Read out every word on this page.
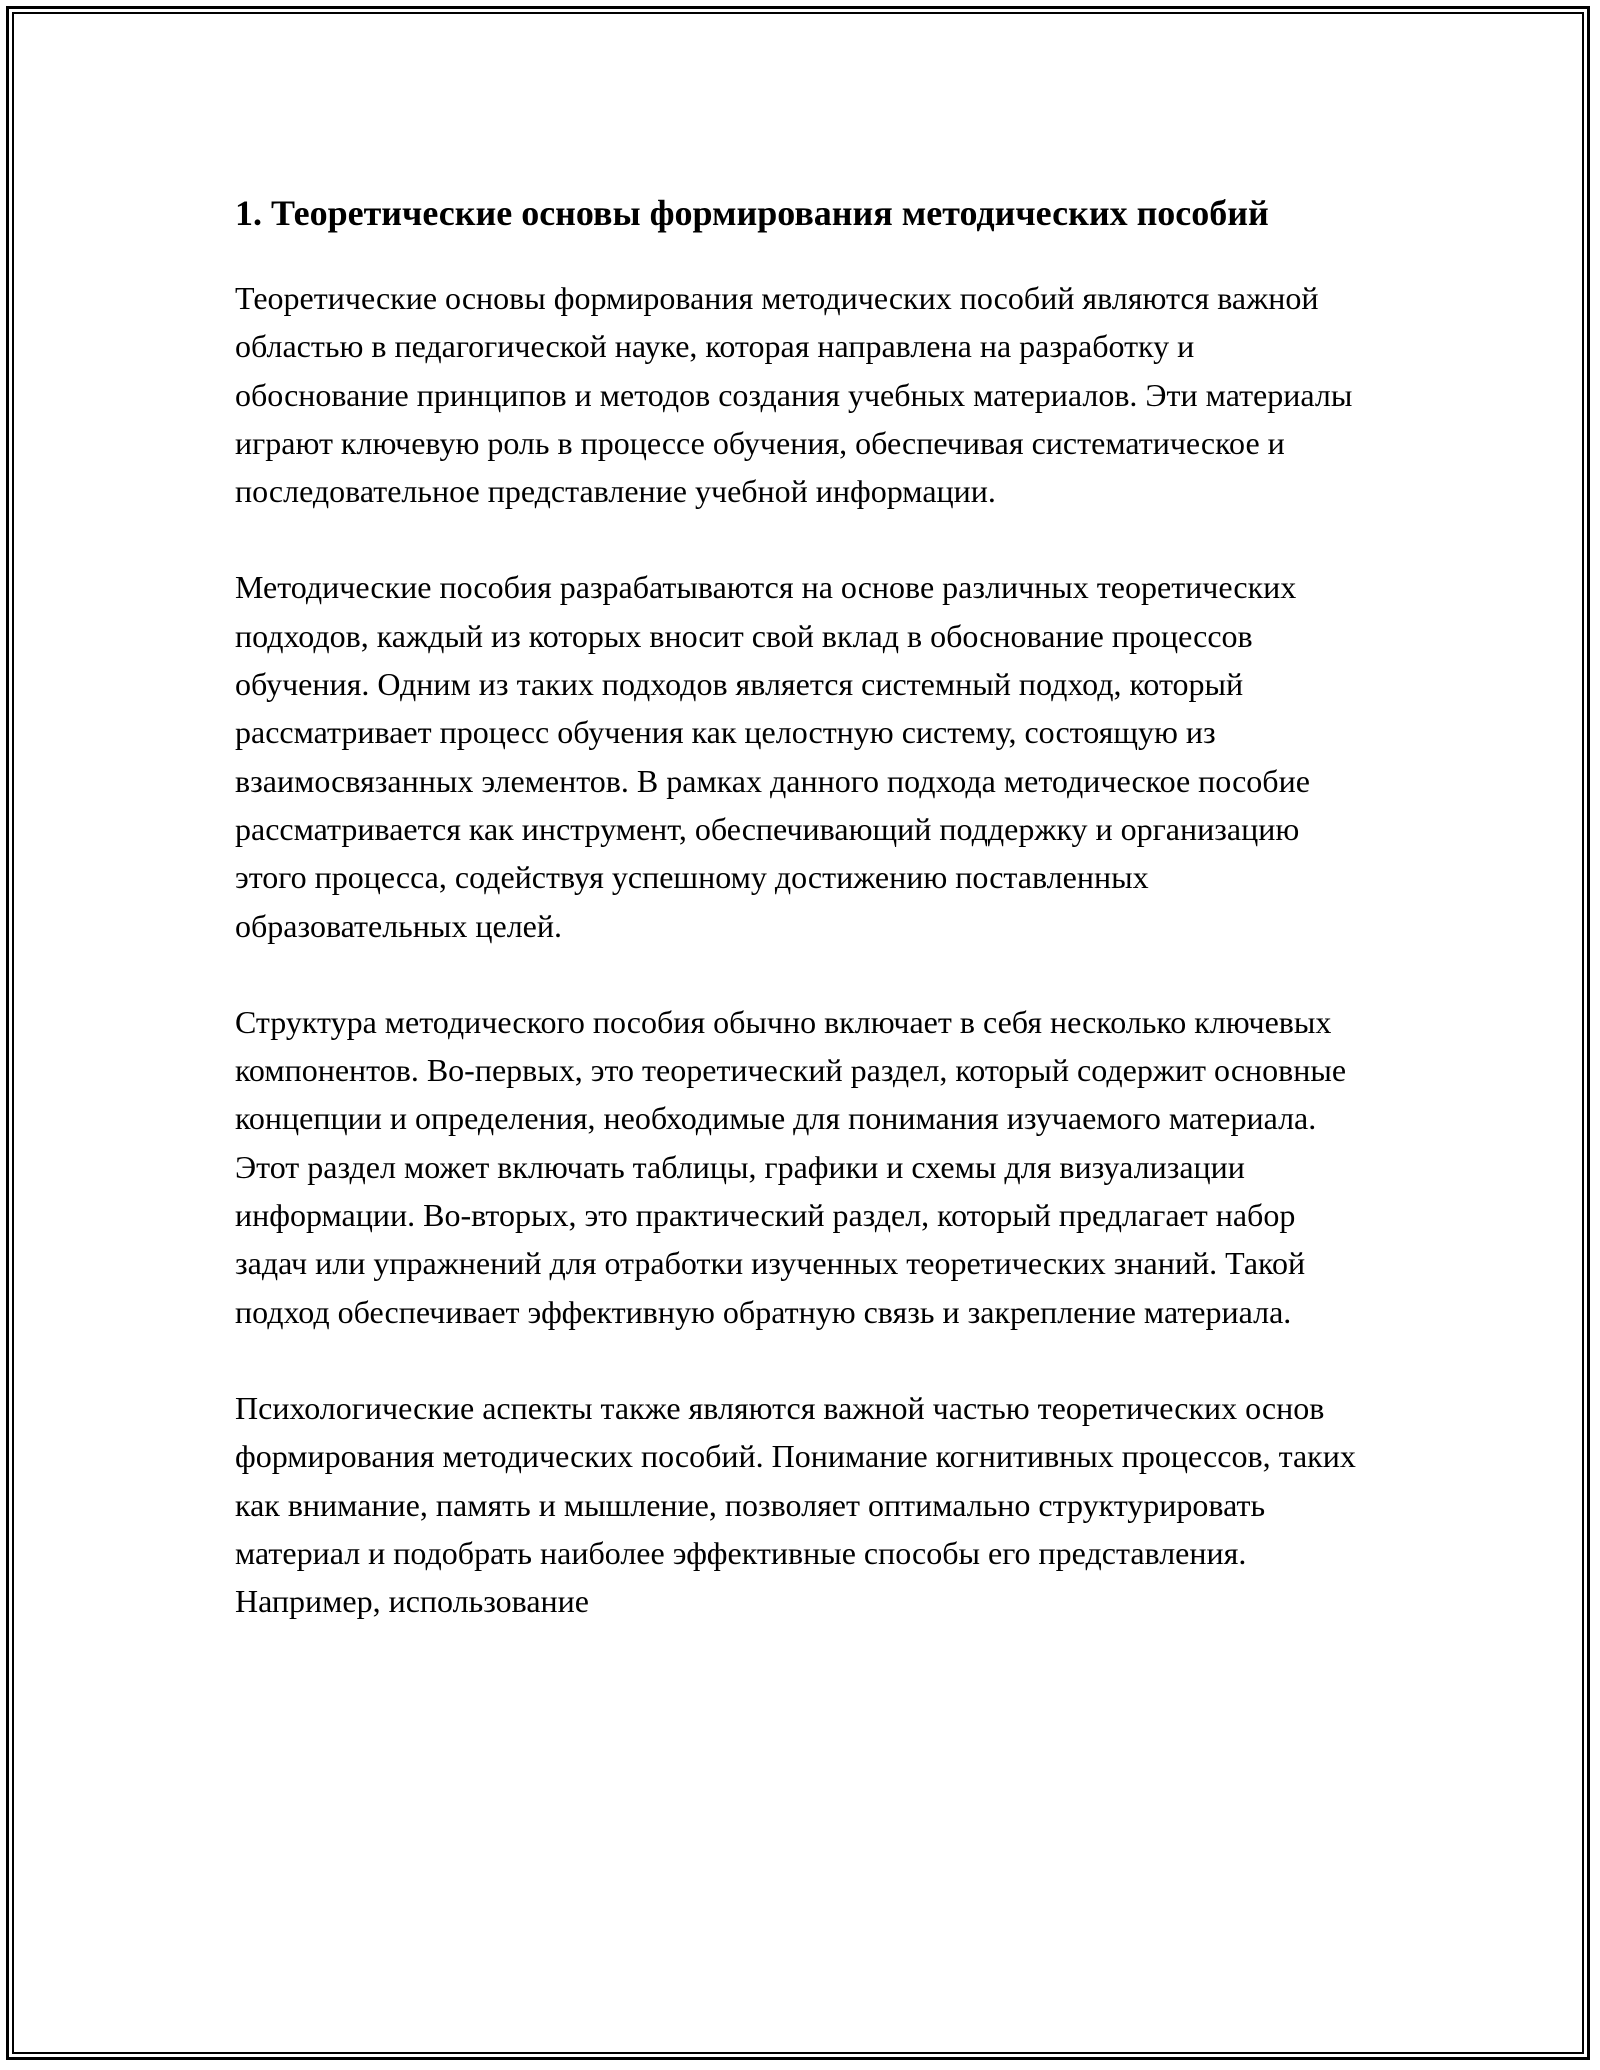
1. Теоретические основы формирования методических пособий

Теоретические основы формирования методических пособий являются важной областью в педагогической науке, которая направлена на разработку и обоснование принципов и методов создания учебных материалов. Эти материалы играют ключевую роль в процессе обучения, обеспечивая систематическое и последовательное представление учебной информации.

Методические пособия разрабатываются на основе различных теоретических подходов, каждый из которых вносит свой вклад в обоснование процессов обучения. Одним из таких подходов является системный подход, который рассматривает процесс обучения как целостную систему, состоящую из взаимосвязанных элементов. В рамках данного подхода методическое пособие рассматривается как инструмент, обеспечивающий поддержку и организацию этого процесса, содействуя успешному достижению поставленных образовательных целей.

Структура методического пособия обычно включает в себя несколько ключевых компонентов. Во-первых, это теоретический раздел, который содержит основные концепции и определения, необходимые для понимания изучаемого материала. Этот раздел может включать таблицы, графики и схемы для визуализации информации. Во-вторых, это практический раздел, который предлагает набор задач или упражнений для отработки изученных теоретических знаний. Такой подход обеспечивает эффективную обратную связь и закрепление материала.

Психологические аспекты также являются важной частью теоретических основ формирования методических пособий. Понимание когнитивных процессов, таких как внимание, память и мышление, позволяет оптимально структурировать материал и подобрать наиболее эффективные способы его представления. Например, использование
